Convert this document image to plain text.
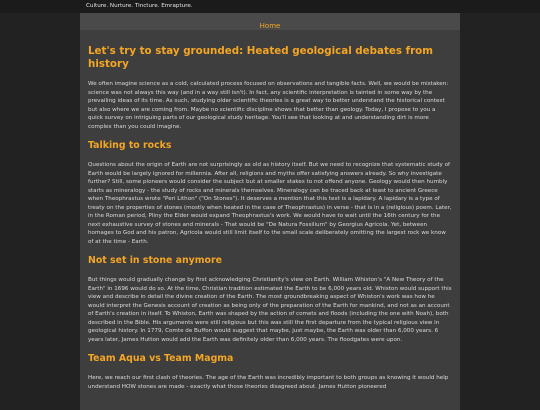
Culture. Nurture. Tincture. Emrapture.
Home
Let's try to stay grounded: Heated geological debates from history

We often imagine science as a cold, calculated process focused on observations and tangible facts. Well, we would be mistaken: science was not always this way (and in a way still isn't). In fact, any scientific interpretation is tainted in some way by the prevailing ideas of its time. As such, studying older scientific theories is a great way to better understand the historical context but also where we are coming from. Maybe no scientific discipline shows that better than geology. Today, I propose to you a quick survey on intriguing parts of our geological study heritage. You'll see that looking at and understanding dirt is more complex than you could imagine.

Talking to rocks

Questions about the origin of Earth are not surprisingly as old as history itself. But we need to recognize that systematic study of Earth would be largely ignored for millennia. After all, religions and myths offer satisfying answers already. So why investigate further? Still, some pioneers would consider the subject but at smaller stakes to not offend anyone. Geology would then humbly starts as mineralogy - the study of rocks and minerals themselves. Mineralogy can be traced back at least to ancient Greece when Theophrastus wrote "Peri Lithon" ("On Stones"). It deserves a mention that this text is a lapidary. A lapidary is a type of treaty on the properties of stones (mostly when heated in the case of Theophrastus) in verse - that is in a (religious) poem. Later, in the Roman period, Pliny the Elder would expand Theophrastus's work. We would have to wait until the 16th century for the next exhaustive survey of stones and minerals - That would be "De Natura Fossilium" by Georgius Agricola. Yet, between homages to God and his patron, Agricola would still limit itself to the small scale deliberately omitting the largest rock we know of at the time - Earth.

Not set in stone anymore

But things would gradually change by first acknowledging Christianity's view on Earth. William Whiston's "A New Theory of the Earth" in 1696 would do so. At the time, Christian tradition estimated the Earth to be 6,000 years old. Whiston would support this view and describe in detail the divine creation of the Earth. The most groundbreaking aspect of Whiston's work was how he would interpret the Genesis account of creation as being only of the preparation of the Earth for mankind, and not as an account of Earth's creation in itself. To Whiston, Earth was shaped by the action of comets and floods (including the one with Noah), both described in the Bible. His arguments were still religious but this was still the first departure from the typical religious view in geological history. In 1779, Comte de Buffon would suggest that maybe, just maybe, the Earth was older than 6,000 years. 6 years later, James Hutton would add the Earth was definitely older than 6,000 years. The floodgates were upon.

Team Aqua vs Team Magma

Here, we reach our first clash of theories. The age of the Earth was incredibly important to both groups as knowing it would help understand HOW stones are made - exactly what those theories disagreed about. James Hutton pioneered
